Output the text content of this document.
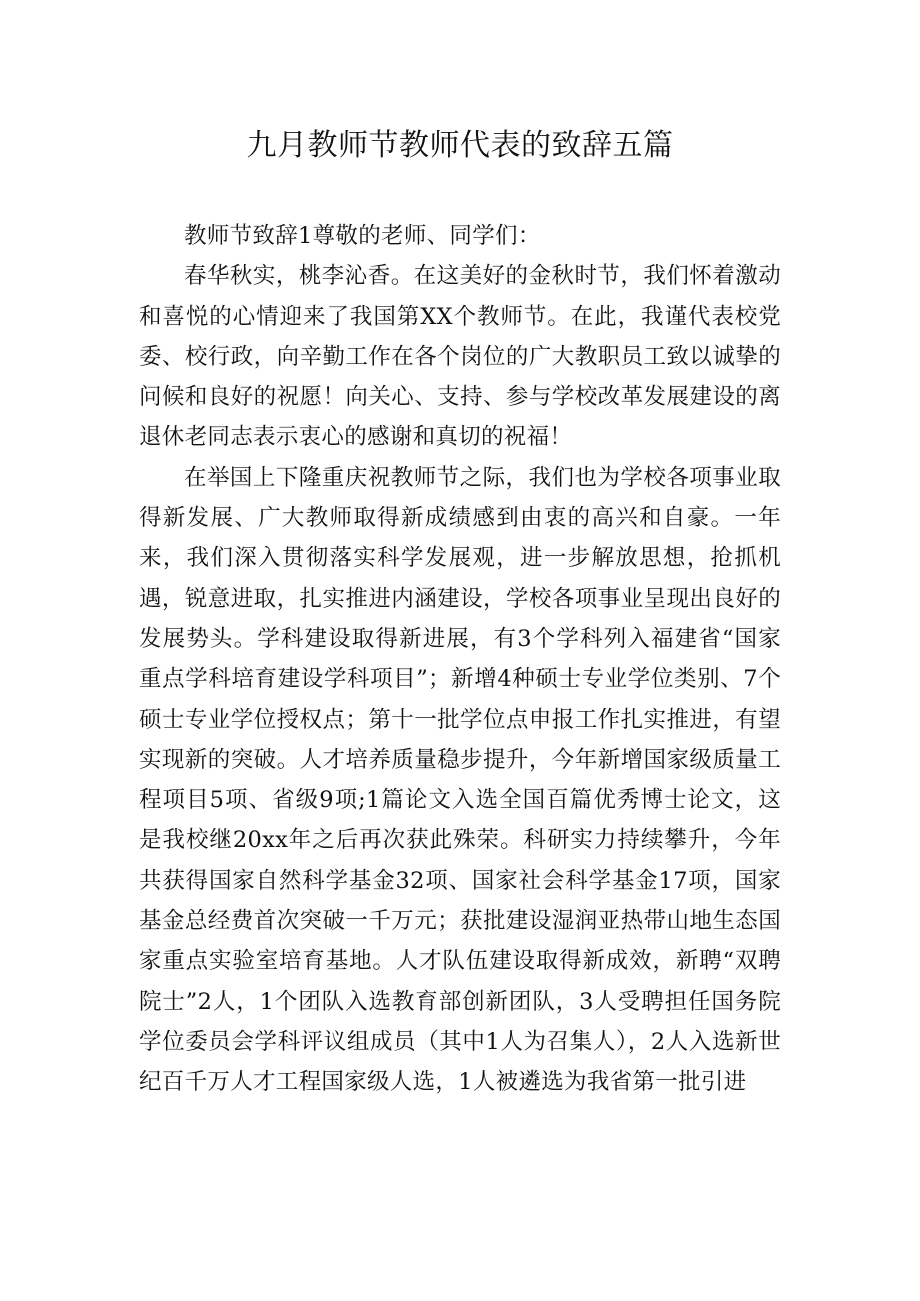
九月教师节教师代表的致辞五篇

教师节致辞1尊敬的老师、同学们：

春华秋实，桃李沁香。在这美好的金秋时节，我们怀着激动和喜悦的心情迎来了我国第XX个教师节。在此，我谨代表校党委、校行政，向辛勤工作在各个岗位的广大教职员工致以诚挚的问候和良好的祝愿！向关心、支持、参与学校改革发展建设的离退休老同志表示衷心的感谢和真切的祝福！

在举国上下隆重庆祝教师节之际，我们也为学校各项事业取得新发展、广大教师取得新成绩感到由衷的高兴和自豪。一年来，我们深入贯彻落实科学发展观，进一步解放思想，抢抓机遇，锐意进取，扎实推进内涵建设，学校各项事业呈现出良好的发展势头。学科建设取得新进展，有3个学科列入福建省“国家重点学科培育建设学科项目”；新增4种硕士专业学位类别、7个硕士专业学位授权点；第十一批学位点申报工作扎实推进，有望实现新的突破。人才培养质量稳步提升，今年新增国家级质量工程项目5项、省级9项;1篇论文入选全国百篇优秀博士论文，这是我校继20xx年之后再次获此殊荣。科研实力持续攀升，今年共获得国家自然科学基金32项、国家社会科学基金17项，国家基金总经费首次突破一千万元；获批建设湿润亚热带山地生态国家重点实验室培育基地。人才队伍建设取得新成效，新聘“双聘院士”2人，1个团队入选教育部创新团队，3人受聘担任国务院学位委员会学科评议组成员（其中1人为召集人），2人入选新世纪百千万人才工程国家级人选，1人被遴选为我省第一批引进
